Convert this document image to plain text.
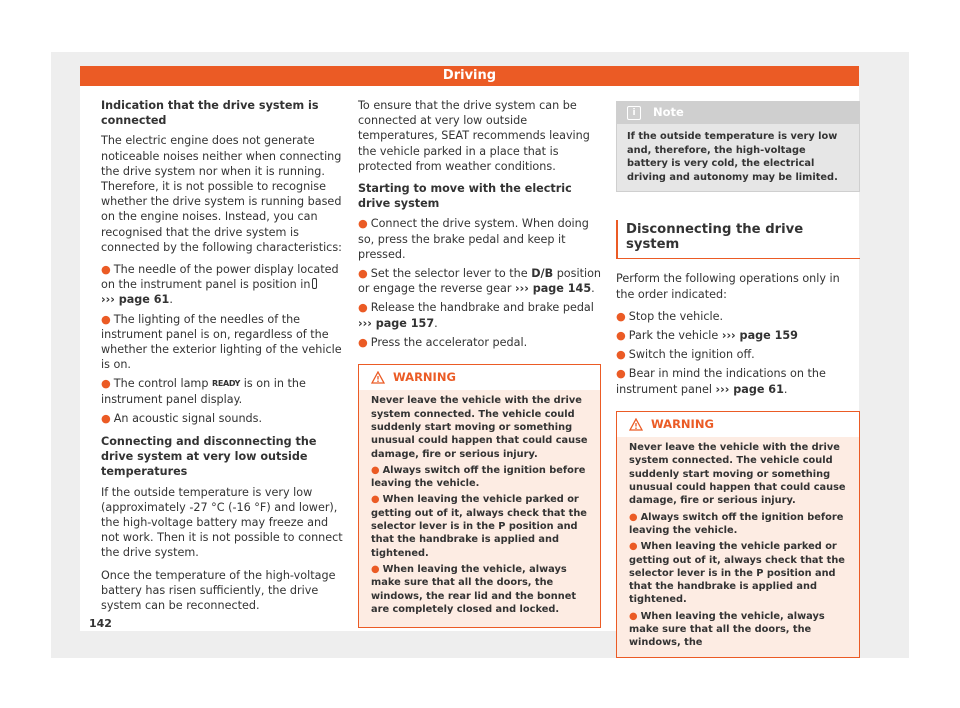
Driving

Indication that the drive system is connected

The electric engine does not generate noticeable noises neither when connecting the drive system nor when it is running. Therefore, it is not possible to recognise whether the drive system is running based on the engine noises. Instead, you can recognised that the drive system is connected by the following characteristics:

● The needle of the power display located on the instrument panel is position in
››› page 61.

● The lighting of the needles of the instrument panel is on, regardless of the whether the exterior lighting of the vehicle is on.

● The control lamp READY is on in the instrument panel display.

● An acoustic signal sounds.

Connecting and disconnecting the drive system at very low outside temperatures

If the outside temperature is very low (approximately -27 °C (-16 °F) and lower), the high-voltage battery may freeze and not work. Then it is not possible to connect the drive system.

Once the temperature of the high-voltage battery has risen sufficiently, the drive system can be reconnected.

To ensure that the drive system can be connected at very low outside temperatures, SEAT recommends leaving the vehicle parked in a place that is protected from weather conditions.

Starting to move with the electric drive system

● Connect the drive system. When doing so, press the brake pedal and keep it pressed.

● Set the selector lever to the D/B position or engage the reverse gear ››› page 145.

● Release the handbrake and brake pedal
››› page 157.

● Press the accelerator pedal.

WARNING

Never leave the vehicle with the drive system connected. The vehicle could suddenly start moving or something unusual could happen that could cause damage, fire or serious injury.

● Always switch off the ignition before leaving the vehicle.

● When leaving the vehicle parked or getting out of it, always check that the selector lever is in the P position and that the handbrake is applied and tightened.

● When leaving the vehicle, always make sure that all the doors, the windows, the rear lid and the bonnet are completely closed and locked.

i	Note
If the outside temperature is very low and, therefore, the high-voltage battery is very cold, the electrical driving and autonomy may be limited.
Disconnecting the drive system

Perform the following operations only in the order indicated:

● Stop the vehicle.

● Park the vehicle ››› page 159

● Switch the ignition off.

● Bear in mind the indications on the instrument panel ››› page 61.

WARNING

Never leave the vehicle with the drive system connected. The vehicle could suddenly start moving or something unusual could happen that could cause damage, fire or serious injury.

● Always switch off the ignition before leaving the vehicle.

● When leaving the vehicle parked or getting out of it, always check that the selector lever is in the P position and that the handbrake is applied and tightened.

● When leaving the vehicle, always make sure that all the doors, the windows, the

142
